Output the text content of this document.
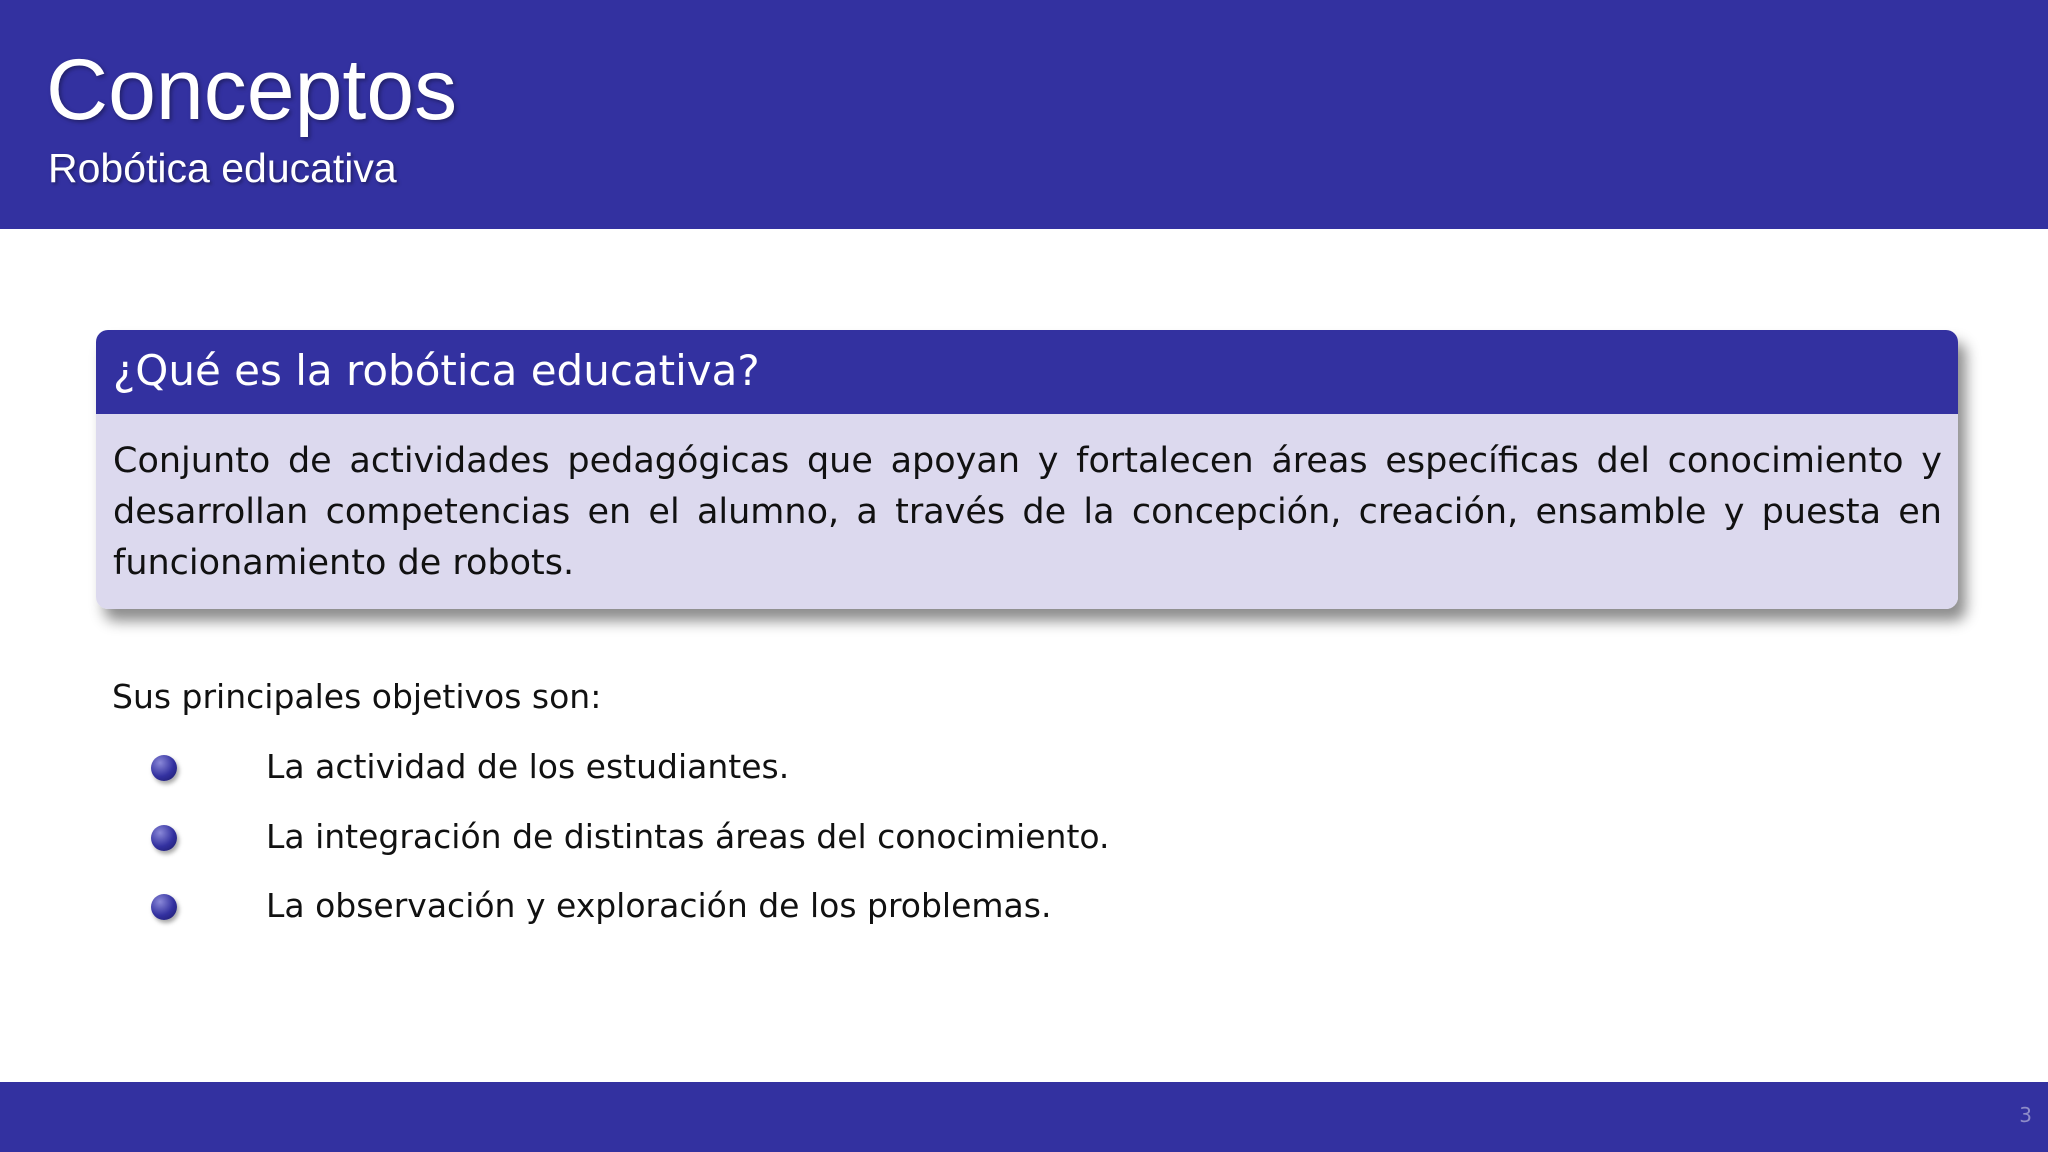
Conceptos
Robótica educativa
¿Qué es la robótica educativa?
Conjunto de actividades pedagógicas que apoyan y fortalecen áreas específicas del conocimiento y desarrollan competencias en el alumno, a través de la concepción, creación, ensamble y puesta en funcionamiento de robots.
Sus principales objetivos son:
La actividad de los estudiantes.
La integración de distintas áreas del conocimiento.
La observación y exploración de los problemas.
3
